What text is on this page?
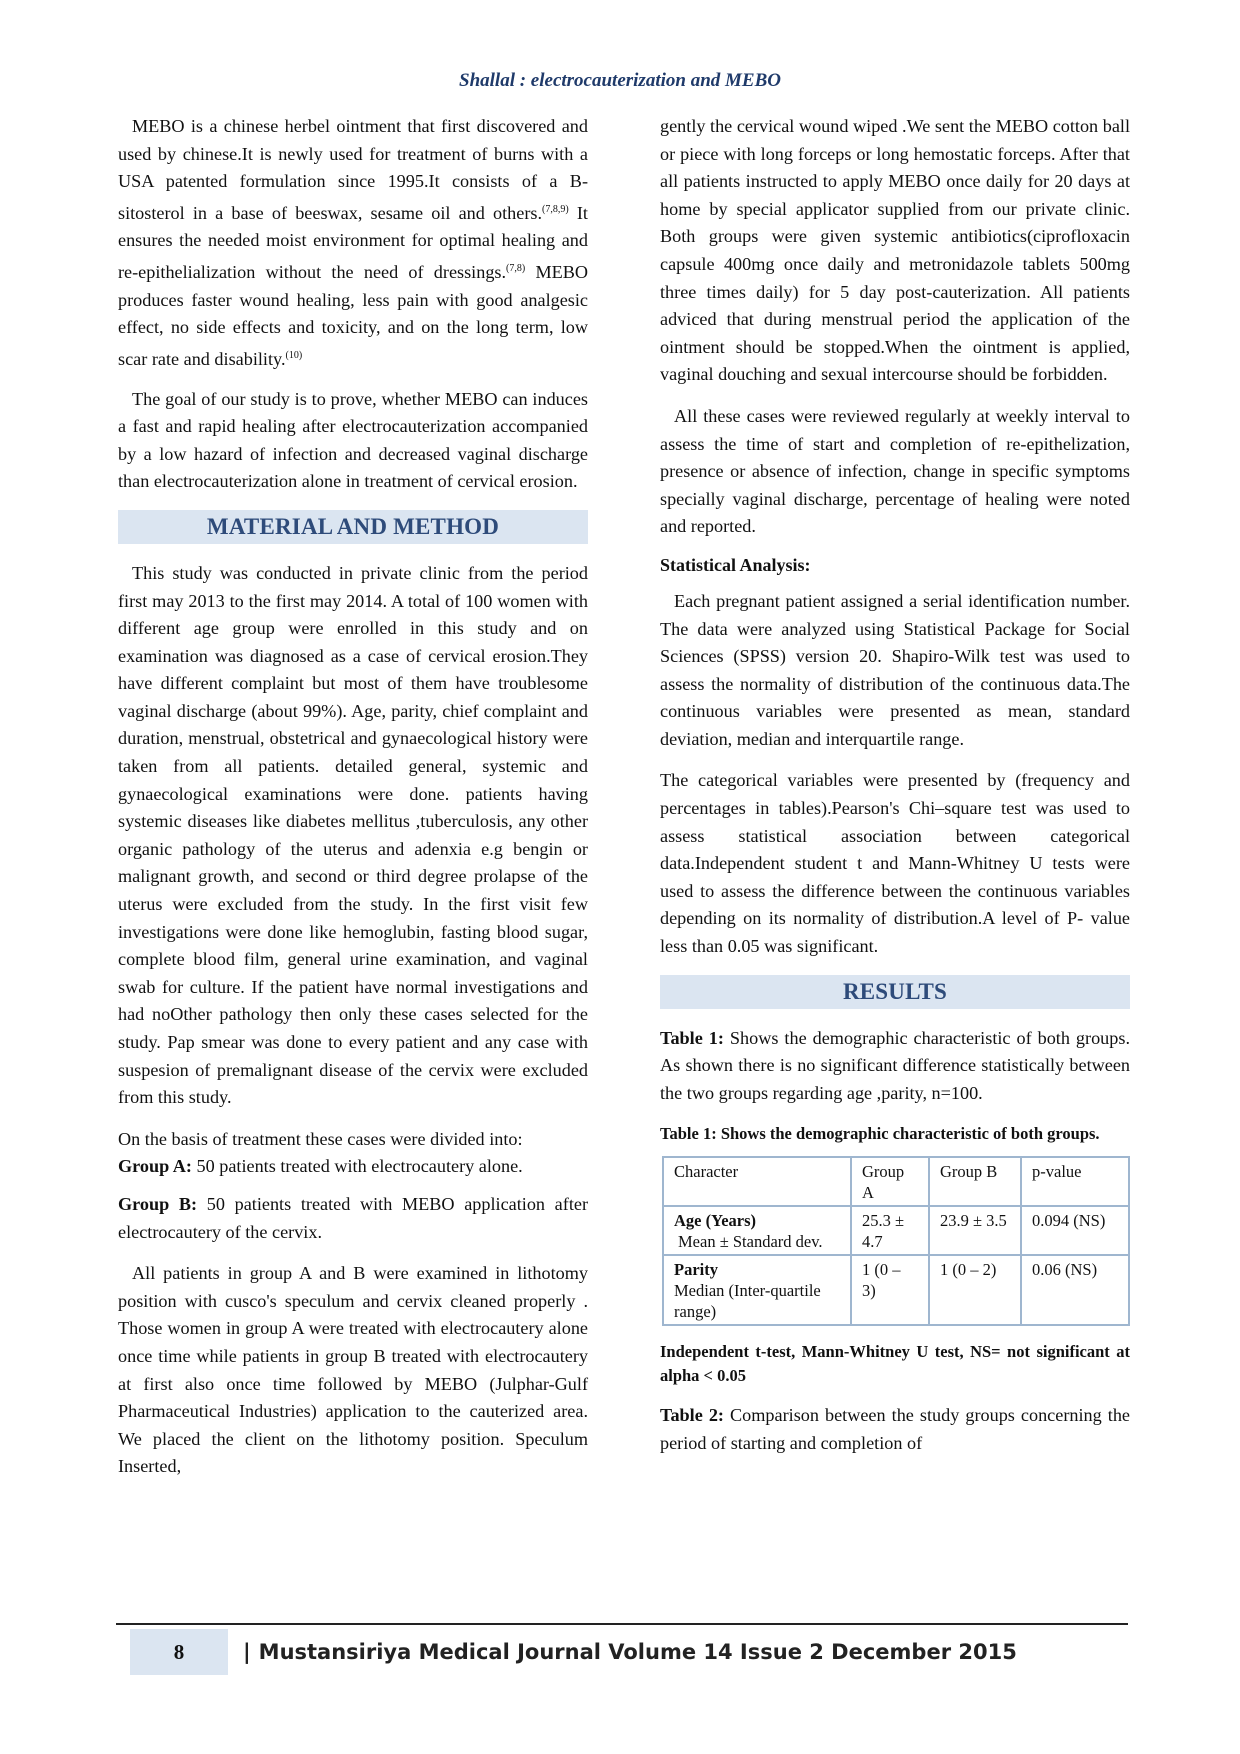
Shallal : electrocauterization and MEBO

MEBO is a chinese herbel ointment that first discovered and used by chinese.It is newly used for treatment of burns with a USA patented formulation since 1995.It consists of a B-sitosterol in a base of beeswax, sesame oil and others.$^{(7,8,9)}$ It ensures the needed moist environment for optimal healing and re-epithelialization without the need of dressings.$^{(7,8)}$ MEBO produces faster wound healing, less pain with good analgesic effect, no side effects and toxicity, and on the long term, low scar rate and disability.$^{(10)}$

The goal of our study is to prove, whether MEBO can induces a fast and rapid healing after electrocauterization accompanied by a low hazard of infection and decreased vaginal discharge than electrocauterization alone in treatment of cervical erosion.

MATERIAL AND METHOD

This study was conducted in private clinic from the period first may 2013 to the first may 2014. A total of 100 women with different age group were enrolled in this study and on examination was diagnosed as a case of cervical erosion.They have different complaint but most of them have troublesome vaginal discharge (about 99%). Age, parity, chief complaint and duration, menstrual, obstetrical and gynaecological history were taken from all patients. detailed general, systemic and gynaecological examinations were done. patients having systemic diseases like diabetes mellitus ,tuberculosis, any other organic pathology of the uterus and adenxia e.g bengin or malignant growth, and second or third degree prolapse of the uterus were excluded from the study. In the first visit few investigations were done like hemoglubin, fasting blood sugar, complete blood film, general urine examination, and vaginal swab for culture. If the patient have normal investigations and had noOther pathology then only these cases selected for the study. Pap smear was done to every patient and any case with suspesion of premalignant disease of the cervix were excluded from this study.

On the basis of treatment these cases were divided into:
Group A: 50 patients treated with electrocautery alone.

Group B: 50 patients treated with MEBO application after electrocautery of the cervix.

All patients in group A and B were examined in lithotomy position with cusco's speculum and cervix cleaned properly . Those women in group A were treated with electrocautery alone once time while patients in group B treated with electrocautery at first also once time followed by MEBO (Julphar-Gulf Pharmaceutical Industries) application to the cauterized area. We placed the client on the lithotomy position. Speculum Inserted,

gently the cervical wound wiped .We sent the MEBO cotton ball or piece with long forceps or long hemostatic forceps. After that all patients instructed to apply MEBO once daily for 20 days at home by special applicator supplied from our private clinic. Both groups were given systemic antibiotics(ciprofloxacin capsule 400mg once daily and metronidazole tablets 500mg three times daily) for 5 day post-cauterization. All patients adviced that during menstrual period the application of the ointment should be stopped.When the ointment is applied, vaginal douching and sexual intercourse should be forbidden.

All these cases were reviewed regularly at weekly interval to assess the time of start and completion of re-epithelization, presence or absence of infection, change in specific symptoms specially vaginal discharge, percentage of healing were noted and reported.

Statistical Analysis:

Each pregnant patient assigned a serial identification number. The data were analyzed using Statistical Package for Social Sciences (SPSS) version 20. Shapiro-Wilk test was used to assess the normality of distribution of the continuous data.The continuous variables were presented as mean, standard deviation, median and interquartile range.

The categorical variables were presented by (frequency and percentages in tables).Pearson's Chi–square test was used to assess statistical association between categorical data.Independent student t and Mann-Whitney U tests were used to assess the difference between the continuous variables depending on its normality of distribution.A level of P- value less than 0.05 was significant.

RESULTS

Table 1: Shows the demographic characteristic of both groups. As shown there is no significant difference statistically between the two groups regarding age ,parity, n=100.

Table 1: Shows the demographic characteristic of both groups.
Character	Group A	Group B	p-value
Age (Years)
Mean ± Standard dev.	25.3 ± 4.7	23.9 ± 3.5	0.094 (NS)
Parity
Median (Inter-quartile range)	1 (0 – 3)	1 (0 – 2)	0.06 (NS)
Independent t-test, Mann-Whitney U test, NS= not significant at alpha < 0.05

Table 2: Comparison between the study groups concerning the period of starting and completion of

8	| Mustansiriya Medical Journal Volume 14 Issue 2 December 2015
